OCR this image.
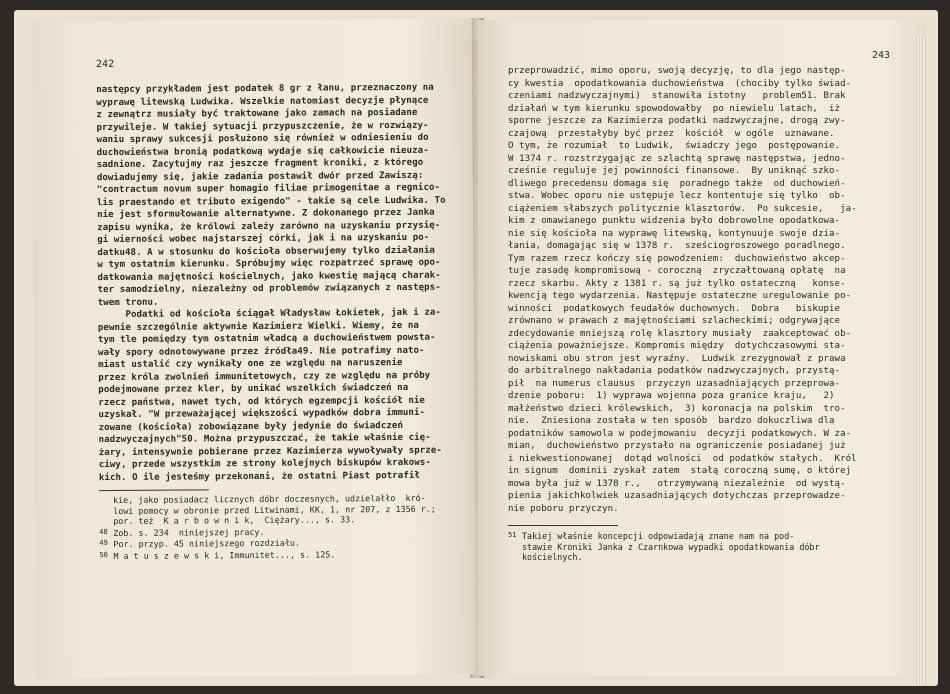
242

następcy przykładem jest podatek 8 gr z łanu, przeznaczony na

wyprawę litewską Ludwika. Wszelkie natomiast decyzje płynące

z zewnątrz musiały być traktowane jako zamach na posiadane

przywileje. W takiej sytuacji przypuszczenie, że w rozwiązy-

waniu sprawy sukcesji posłużono się również w odniesieniu do

duchowieństwa bronią podatkową wydaje się całkowicie nieuza-

sadnione. Zacytujmy raz jeszcze fragment kroniki, z którego

dowiadujemy się, jakie zadania postawił dwór przed Zawiszą:

"contractum novum super homagio filiae primogenitae a regnico-

lis praestando et tributo exigendo" - takie są cele Ludwika. To

nie jest sformułowanie alternatywne. Z dokonanego przez Janka

zapisu wynika, że królowi zależy zarówno na uzyskaniu przysię-

gi wierności wobec najstarszej córki, jak i na uzyskaniu po-

datku48. A w stosunku do kościoła obserwujemy tylko działania

w tym ostatnim kierunku. Spróbujmy więc rozpatrzeć sprawę opo-

datkowania majętności kościelnych, jako kwestię mającą charak-

ter samodzielny, niezależny od problemów związanych z następs-

twem tronu.

Podatki od kościoła ściągał Władysław Łokietek, jak i za-

pewnie szczególnie aktywnie Kazimierz Wielki. Wiemy, że na

tym tle pomiędzy tym ostatnim władcą a duchowieństwem powsta-

wały spory odnotowywane przez źródła49. Nie potrafimy nato-

miast ustalić czy wynikały one ze względu na naruszenie

przez króla zwolnień immunitetowych, czy ze względu na próby

podejmowane przez kler, by unikać wszelkich świadczeń na

rzecz państwa, nawet tych, od których egzempcji kościół nie

uzyskał. "W przeważającej większości wypadków dobra immuni-

zowane (kościoła) zobowiązane były jedynie do świadczeń

nadzwyczajnych"50. Można przypuszczać, że takie właśnie cię-

żary, intensywnie pobierane przez Kazimierza wywoływały sprze-

ciwy, przede wszystkim ze strony kolejnych biskupów krakows-

kich. O ile jesteśmy przekonani, że ostatni Piast potrafił

kie, jako posiadacz licznych dóbr doczesnych, udzielałło  kró-

lowi pomocy w obronie przed Litwinami, KK, 1, nr 207, z 1356 r.;

por. też  K a r b o w n i k,  Ciężary..., s. 33.

48 Zob. s. 234  niniejszej pracy.

49 Por. przyp. 45 niniejszego rozdziału.

50 M a t u s z e w s k i, Immunitet..., s. 125.

243

przeprowadzić, mimo oporu, swoją decyzję, to dla jego następ-

cy kwestia  opodatkowania duchowieństwa  (chociby tylko świad-

czeniami nadzwyczajnymi)  stanowiła istotny   problem51. Brak

działań w tym kierunku spowodowałby  po niewielu latach,  iż

sporne jeszcze za Kazimierza podatki nadzwyczajne, drogą zwy-

czajową  przestałyby być przez  kościół  w ogóle  uznawane.

O tym, że rozumiał  to Ludwik,  świadczy jego  postępowanie.

W 1374 r. rozstrzygając ze szlachtą sprawę następstwa, jedno-

cześnie reguluje jej powinności finansowe.  By uniknąć szko-

dliwego precedensu domaga się  poradnego także  od duchowień-

stwa. Wobec oporu nie ustępuje lecz kontentuje się tylko  ob-

ciążeniem słabszych politycznie klasztorów.  Po sukcesie,   ja-

kim z omawianego punktu widzenia było dobrowolne opodatkowa-

nie się kościoła na wyprawę litewską, kontynuuje swoje dzia-

łania, domagając się w 1378 r.  sześciogroszowego poradlnego.

Tym razem rzecz kończy się powodzeniem:  duchowieństwo akcep-

tuje zasadę kompromisową - coroczną  zryczałtowaną opłatę  na

rzecz skarbu. Akty z 1381 r. są już tylko ostateczną   konse-

kwencją tego wydarzenia. Następuje ostateczne uregulowanie po-

winności  podatkowych feudałów duchownych.  Dobra   biskupie

zrównano w prawach z majętnościami szlacheckimi; odgrywające

zdecydowanie mniejszą rolę klasztory musiały  zaakceptować ob-

ciążenia poważniejsze. Kompromis między  dotychczasowymi sta-

nowiskami obu stron jest wyraźny.  Ludwik zrezygnował z prawa

do arbitralnego nakładania podatków nadzwyczajnych, przystą-

pił  na numerus clausus  przyczyn uzasadniających przeprowa-

dzenie poboru:  1) wyprawa wojenna poza granice kraju,   2)

małżeństwo dzieci królewskich,  3) koronacja na polskim  tro-

nie.  Zniesiona została w ten sposób  bardzo dokuczliwa dla

podatników samowola w podejmowaniu  decyzji podatkowych. W za-

mian,  duchowieństwo przystało na ograniczenie posiadanej już

i niekwestionowanej  dotąd wolności  od podatków stałych.  Król

in signum  dominii zyskał zatem  stałą coroczną sumę, o której

mowa była już w 1378 r.,   otrzymywaną niezależnie  od wystą-

pienia jakichkolwiek uzasadniających dotychczas przeprowadze-

nie poboru przyczyn.

51 Takiej właśnie koncepcji odpowiadają znane nam na pod-

stawie Kroniki Janka z Czarnkowa wypadki opodatkowania dóbr

kościelnych.
